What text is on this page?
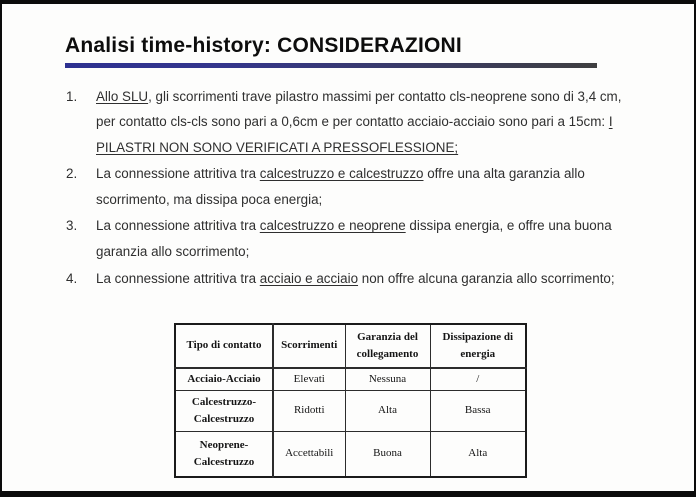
Analisi time-history: CONSIDERAZIONI
1.	Allo SLU, gli scorrimenti trave pilastro massimi per contatto cls-neoprene sono di 3,4 cm, per contatto cls-cls sono pari a 0,6cm e per contatto acciaio-acciaio sono pari a 15cm: I PILASTRI NON SONO VERIFICATI A PRESSOFLESSIONE;
2.	La connessione attritiva tra calcestruzzo e calcestruzzo offre una alta garanzia allo scorrimento, ma dissipa poca energia;
3.	La connessione attritiva tra calcestruzzo e neoprene dissipa energia, e offre una buona garanzia allo scorrimento;
4.	La connessione attritiva tra acciaio e acciaio non offre alcuna garanzia allo scorrimento;
Tipo di contatto	Scorrimenti	Garanzia del collegamento	Dissipazione di energia
Acciaio-Acciaio	Elevati	Nessuna	/
Calcestruzzo-Calcestruzzo	Ridotti	Alta	Bassa
Neoprene-Calcestruzzo	Accettabili	Buona	Alta
